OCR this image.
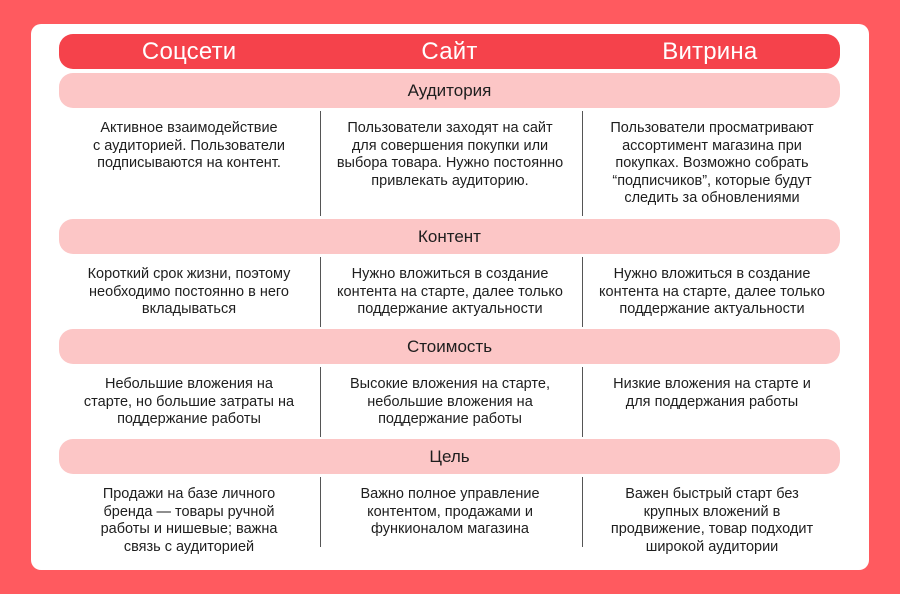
Соцсети	Сайт	Витрина
Аудитория
Активное взаимодействие
с аудиторией. Пользователи
подписываются на контент.
Пользователи заходят на сайт
для совершения покупки или
выбора товара. Нужно постоянно
привлекать аудиторию.
Пользователи просматривают
ассортимент магазина при
покупках. Возможно собрать
“подписчиков”, которые будут
следить за обновлениями
Контент
Короткий срок жизни, поэтому
необходимо постоянно в него
вкладываться
Нужно вложиться в создание
контента на старте, далее только
поддержание актуальности
Нужно вложиться в создание
контента на старте, далее только
поддержание актуальности
Стоимость
Небольшие вложения на
старте, но большие затраты на
поддержание работы
Высокие вложения на старте,
небольшие вложения на
поддержание работы
Низкие вложения на старте и
для поддержания работы
Цель
Продажи на базе личного
бренда — товары ручной
работы и нишевые; важна
связь с аудиторией
Важно полное управление
контентом, продажами и
функионалом магазина
Важен быстрый старт без
крупных вложений в
продвижение, товар подходит
широкой аудитории
